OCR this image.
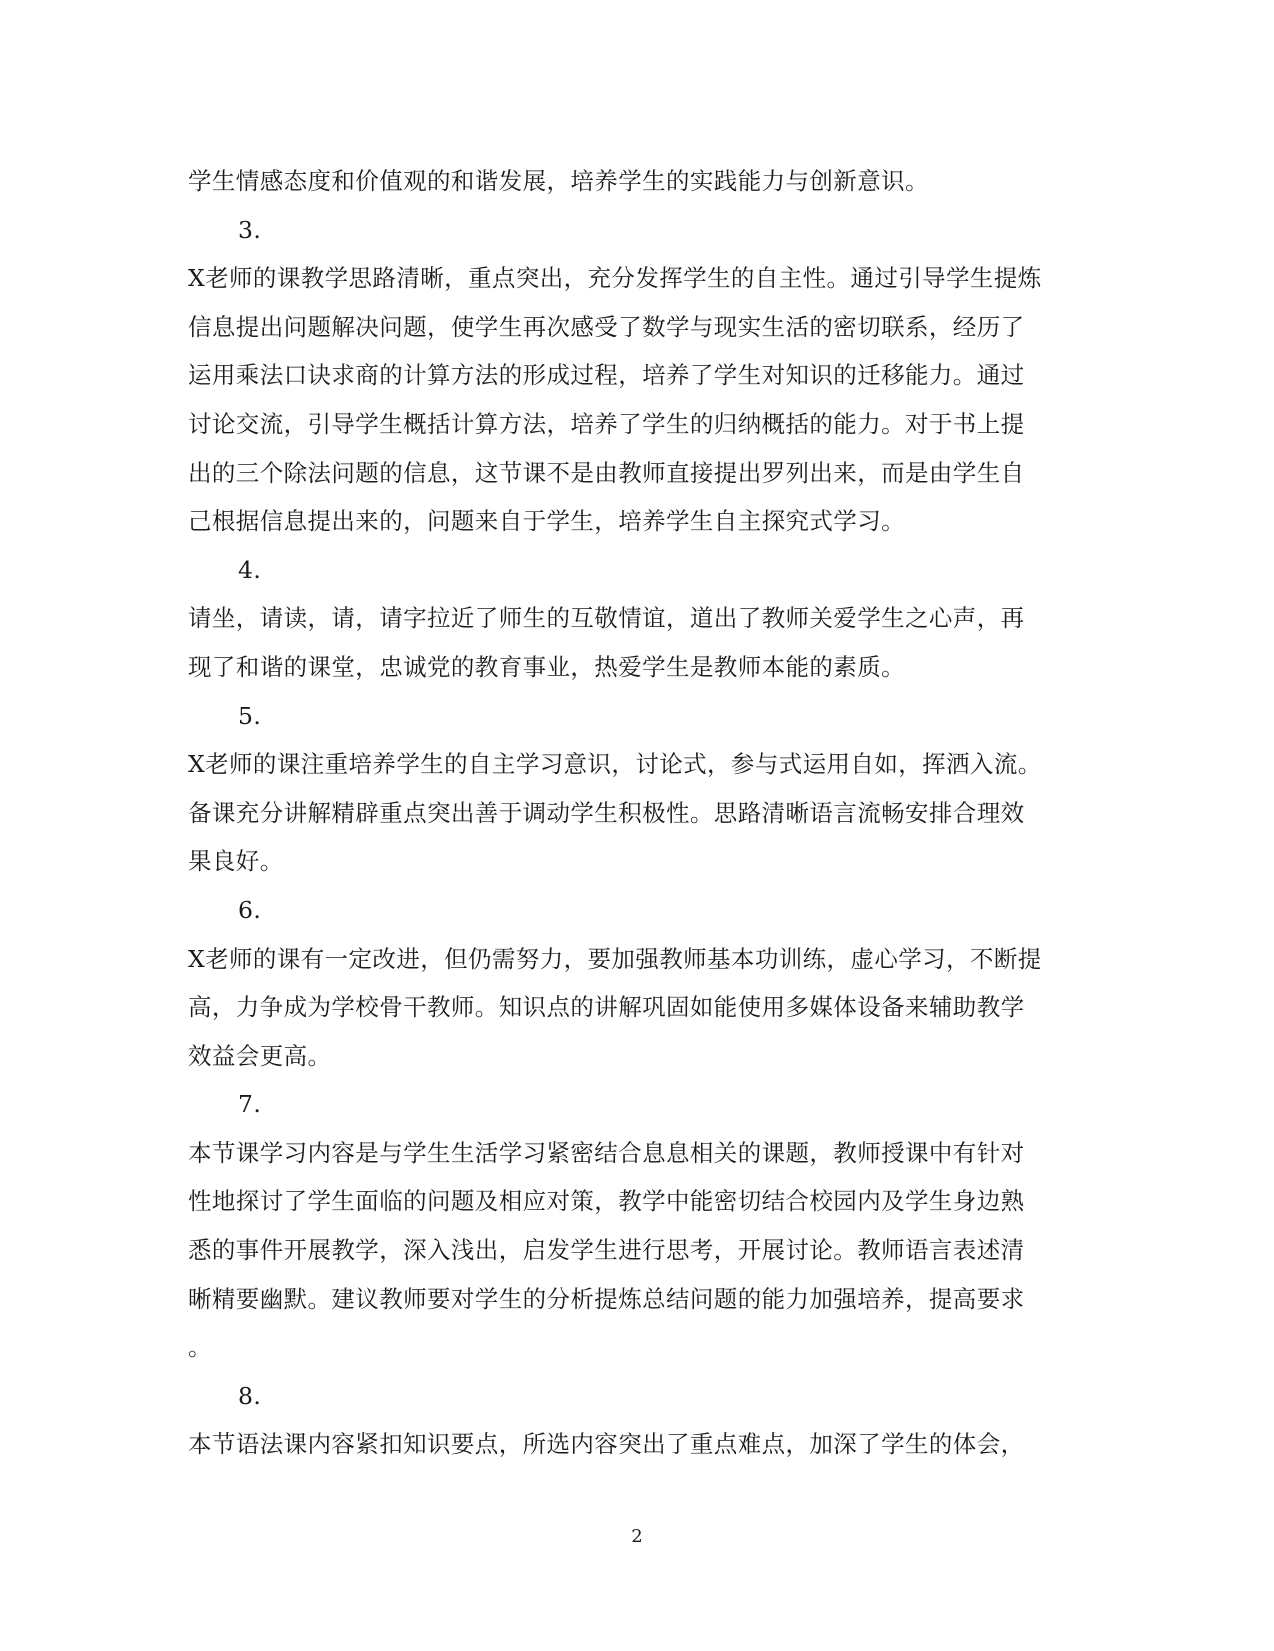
学生情感态度和价值观的和谐发展，培养学生的实践能力与创新意识。
3.
X老师的课教学思路清晰，重点突出，充分发挥学生的自主性。通过引导学生提炼
信息提出问题解决问题，使学生再次感受了数学与现实生活的密切联系，经历了
运用乘法口诀求商的计算方法的形成过程，培养了学生对知识的迁移能力。通过
讨论交流，引导学生概括计算方法，培养了学生的归纳概括的能力。对于书上提
出的三个除法问题的信息，这节课不是由教师直接提出罗列出来，而是由学生自
己根据信息提出来的，问题来自于学生，培养学生自主探究式学习。
4.
请坐，请读，请，请字拉近了师生的互敬情谊，道出了教师关爱学生之心声，再
现了和谐的课堂，忠诚党的教育事业，热爱学生是教师本能的素质。
5.
X老师的课注重培养学生的自主学习意识，讨论式，参与式运用自如，挥洒入流。
备课充分讲解精辟重点突出善于调动学生积极性。思路清晰语言流畅安排合理效
果良好。
6.
X老师的课有一定改进，但仍需努力，要加强教师基本功训练，虚心学习，不断提
高，力争成为学校骨干教师。知识点的讲解巩固如能使用多媒体设备来辅助教学
效益会更高。
7.
本节课学习内容是与学生生活学习紧密结合息息相关的课题，教师授课中有针对
性地探讨了学生面临的问题及相应对策，教学中能密切结合校园内及学生身边熟
悉的事件开展教学，深入浅出，启发学生进行思考，开展讨论。教师语言表述清
晰精要幽默。建议教师要对学生的分析提炼总结问题的能力加强培养，提高要求
。
8.
本节语法课内容紧扣知识要点，所选内容突出了重点难点，加深了学生的体会，
2
